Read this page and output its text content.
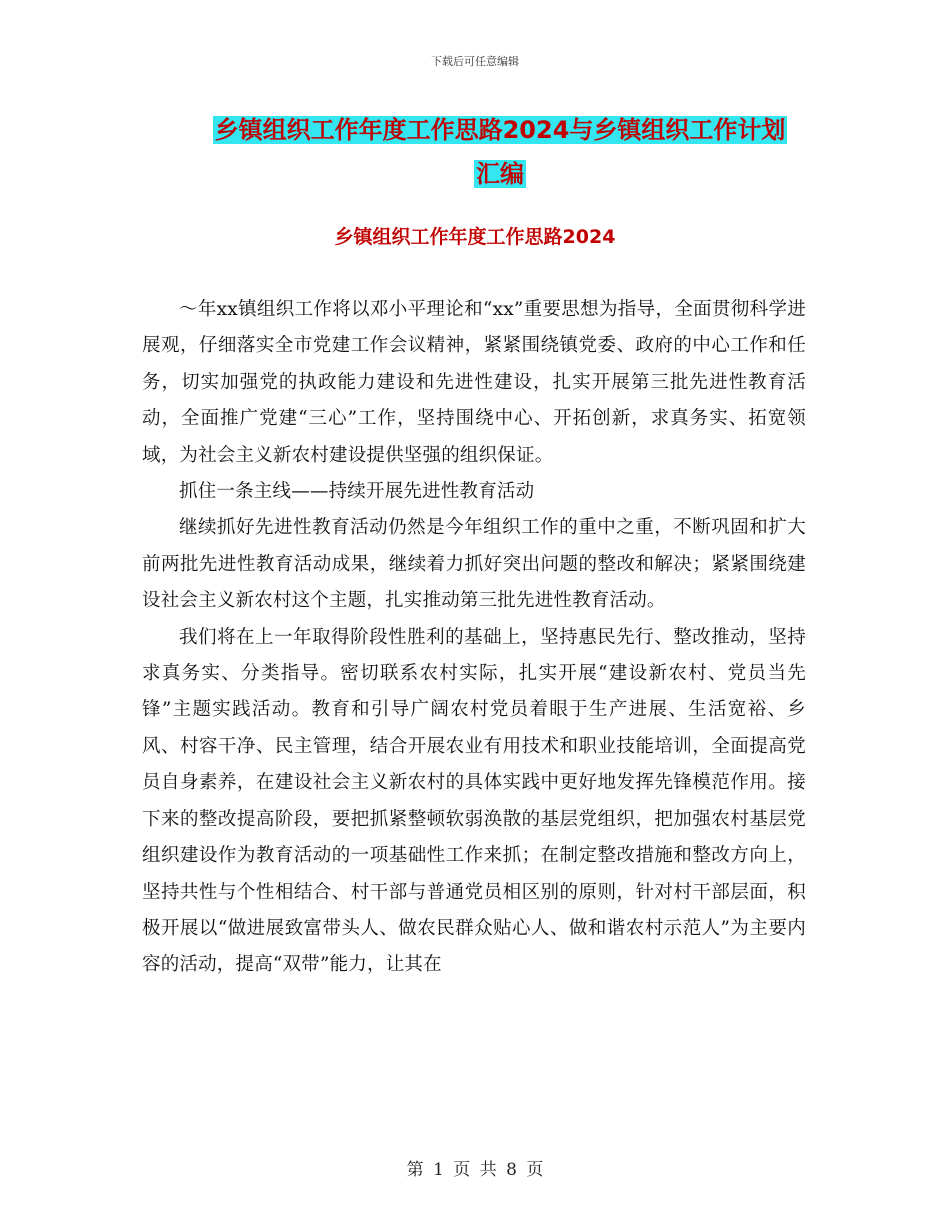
下载后可任意编辑
乡镇组织工作年度工作思路2024与乡镇组织工作计划
汇编
乡镇组织工作年度工作思路2024

～年xx镇组织工作将以邓小平理论和“xx”重要思想为指导，全面贯彻科学进展观，仔细落实全市党建工作会议精神，紧紧围绕镇党委、政府的中心工作和任务，切实加强党的执政能力建设和先进性建设，扎实开展第三批先进性教育活动，全面推广党建“三心”工作，坚持围绕中心、开拓创新，求真务实、拓宽领域，为社会主义新农村建设提供坚强的组织保证。

抓住一条主线——持续开展先进性教育活动

继续抓好先进性教育活动仍然是今年组织工作的重中之重，不断巩固和扩大前两批先进性教育活动成果，继续着力抓好突出问题的整改和解决；紧紧围绕建设社会主义新农村这个主题，扎实推动第三批先进性教育活动。

我们将在上一年取得阶段性胜利的基础上，坚持惠民先行、整改推动，坚持求真务实、分类指导。密切联系农村实际，扎实开展“建设新农村、党员当先锋”主题实践活动。教育和引导广阔农村党员着眼于生产进展、生活宽裕、乡风、村容干净、民主管理，结合开展农业有用技术和职业技能培训，全面提高党员自身素养，在建设社会主义新农村的具体实践中更好地发挥先锋模范作用。接下来的整改提高阶段，要把抓紧整顿软弱涣散的基层党组织，把加强农村基层党组织建设作为教育活动的一项基础性工作来抓；在制定整改措施和整改方向上，坚持共性与个性相结合、村干部与普通党员相区别的原则，针对村干部层面，积极开展以“做进展致富带头人、做农民群众贴心人、做和谐农村示范人”为主要内容的活动，提高“双带”能力，让其在

第 1 页 共 8 页
